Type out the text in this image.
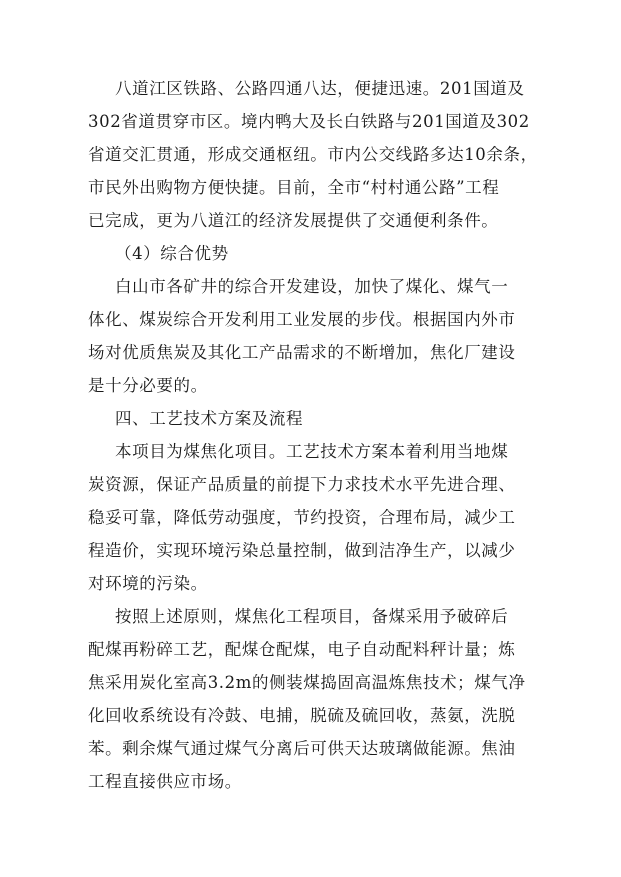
八道江区铁路、公路四通八达，便捷迅速。201国道及
302省道贯穿市区。境内鸭大及长白铁路与201国道及302
省道交汇贯通，形成交通枢纽。市内公交线路多达10余条，
市民外出购物方便快捷。目前，全市“村村通公路”工程
已完成，更为八道江的经济发展提供了交通便利条件。
（4）综合优势
白山市各矿井的综合开发建设，加快了煤化、煤气一
体化、煤炭综合开发利用工业发展的步伐。根据国内外市
场对优质焦炭及其化工产品需求的不断增加，焦化厂建设
是十分必要的。
四、工艺技术方案及流程
本项目为煤焦化项目。工艺技术方案本着利用当地煤
炭资源，保证产品质量的前提下力求技术水平先进合理、
稳妥可靠，降低劳动强度，节约投资，合理布局，减少工
程造价，实现环境污染总量控制，做到洁净生产，以减少
对环境的污染。
按照上述原则，煤焦化工程项目，备煤采用予破碎后
配煤再粉碎工艺，配煤仓配煤，电子自动配料秤计量；炼
焦采用炭化室高3.2m的侧装煤捣固高温炼焦技术；煤气净
化回收系统设有冷鼓、电捕，脱硫及硫回收，蒸氨，洗脱
苯。剩余煤气通过煤气分离后可供天达玻璃做能源。焦油
工程直接供应市场。
